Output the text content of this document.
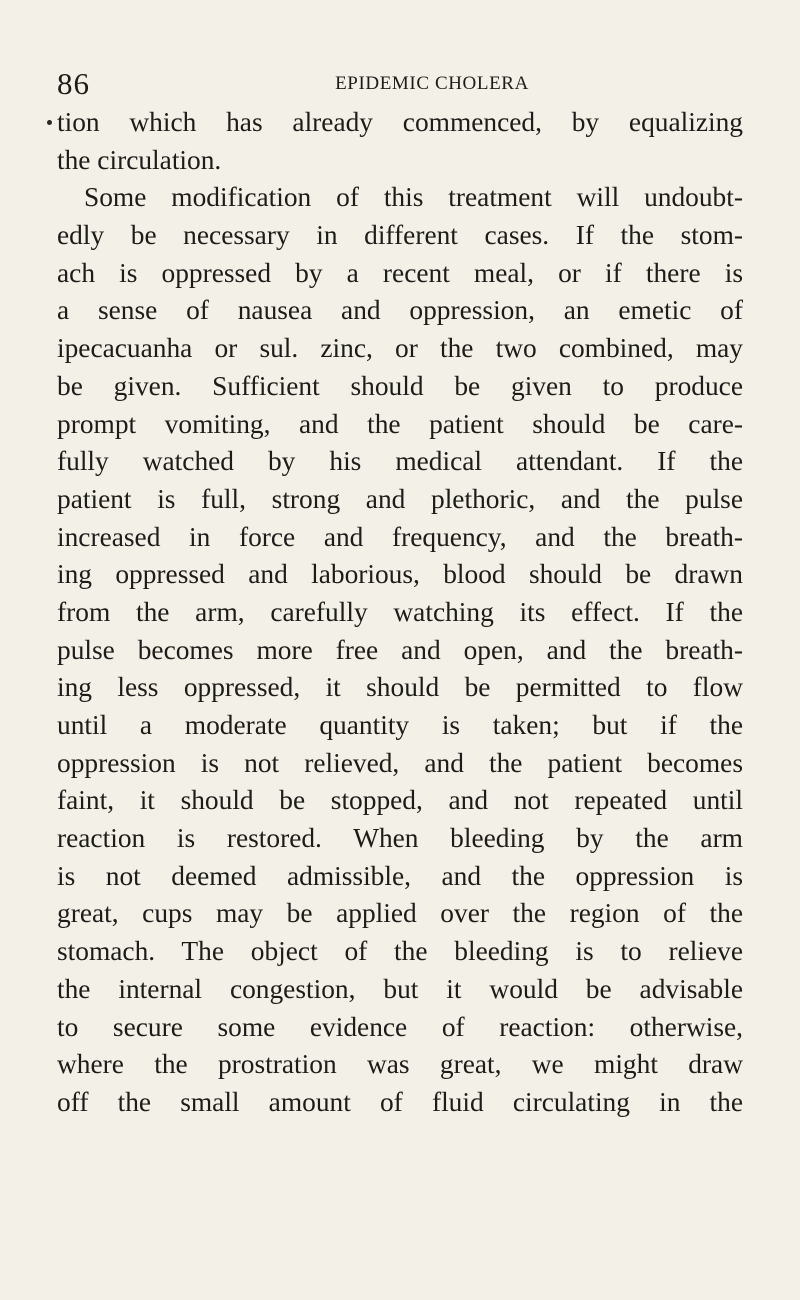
86	EPIDEMIC CHOLERA
tion which has already commenced, by equalizing
the circulation.
Some modification of this treatment will undoubt-
edly be necessary in different cases. If the stom-
ach is oppressed by a recent meal, or if there is
a sense of nausea and oppression, an emetic of
ipecacuanha or sul. zinc, or the two combined, may
be given. Sufficient should be given to produce
prompt vomiting, and the patient should be care-
fully watched by his medical attendant. If the
patient is full, strong and plethoric, and the pulse
increased in force and frequency, and the breath-
ing oppressed and laborious, blood should be drawn
from the arm, carefully watching its effect. If the
pulse becomes more free and open, and the breath-
ing less oppressed, it should be permitted to flow
until a moderate quantity is taken; but if the
oppression is not relieved, and the patient becomes
faint, it should be stopped, and not repeated until
reaction is restored. When bleeding by the arm
is not deemed admissible, and the oppression is
great, cups may be applied over the region of the
stomach. The object of the bleeding is to relieve
the internal congestion, but it would be advisable
to secure some evidence of reaction: otherwise,
where the prostration was great, we might draw
off the small amount of fluid circulating in the
